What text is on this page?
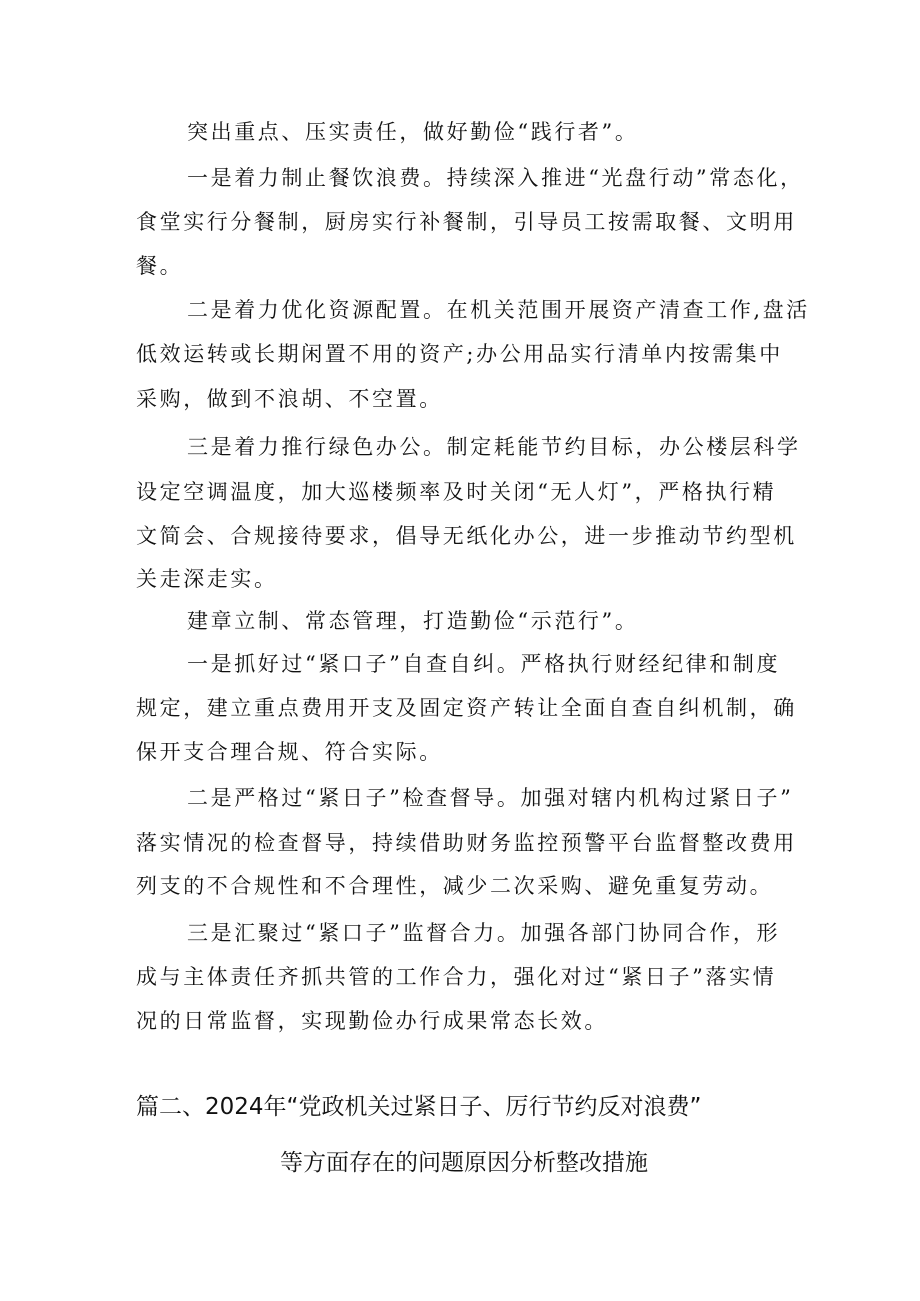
突出重点、压实责任，做好勤俭“践行者”。
一是着力制止餐饮浪费。持续深入推进“光盘行动”常态化，
食堂实行分餐制，厨房实行补餐制，引导员工按需取餐、文明用
餐。
二是着力优化资源配置。在机关范围开展资产清查工作,盘活
低效运转或长期闲置不用的资产;办公用品实行清单内按需集中
采购，做到不浪胡、不空置。
三是着力推行绿色办公。制定耗能节约目标，办公楼层科学
设定空调温度，加大巡楼频率及时关闭“无人灯”，严格执行精
文简会、合规接待要求，倡导无纸化办公，进一步推动节约型机
关走深走实。
建章立制、常态管理，打造勤俭“示范行”。
一是抓好过“紧口子”自查自纠。严格执行财经纪律和制度
规定，建立重点费用开支及固定资产转让全面自查自纠机制，确
保开支合理合规、符合实际。
二是严格过“紧日子”检查督导。加强对辖内机构过紧日子”
落实情况的检查督导，持续借助财务监控预警平台监督整改费用
列支的不合规性和不合理性，减少二次采购、避免重复劳动。
三是汇聚过“紧口子”监督合力。加强各部门协同合作，形
成与主体责任齐抓共管的工作合力，强化对过“紧日子”落实情
况的日常监督，实现勤俭办行成果常态长效。
篇二、2024年“党政机关过紧日子、厉行节约反对浪费”
等方面存在的问题原因分析整改措施
